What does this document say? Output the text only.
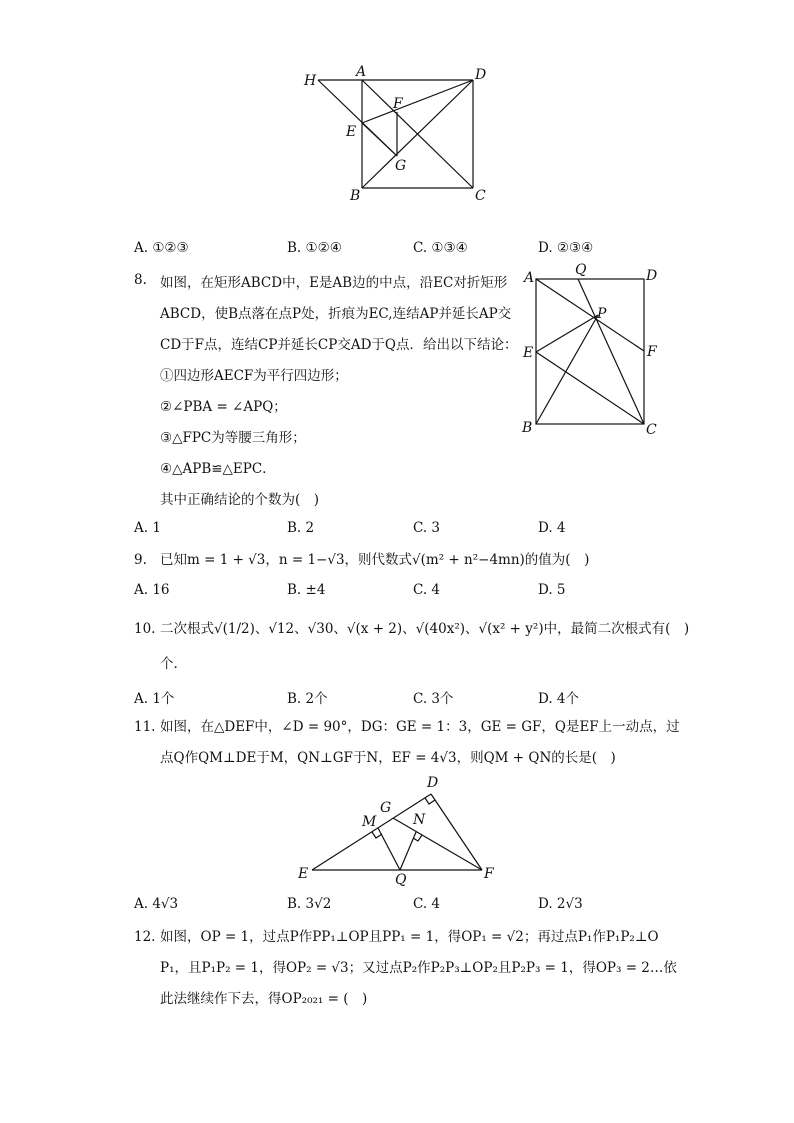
H
A	D
F
E
G
B	C
A. ①②③	B. ①②④	C. ①③④	D. ②③④
8. 如图，在矩形ABCD中，E是AB边的中点，沿EC对折矩形
ABCD，使B点落在点P处，折痕为EC,连结AP并延长AP交
CD于F点，连结CP并延长CP交AD于Q点．给出以下结论：
①四边形AECF为平行四边形；
②∠PBA = ∠APQ；
③△FPC为等腰三角形；
④△APB≌△EPC．
其中正确结论的个数为(　)
A	Q	D
P
E	F
B	C
A. 1	B. 2	C. 3	D. 4
9. 已知m = 1 + √3，n = 1−√3，则代数式√(m² + n²−4mn)的值为(　)
A. 16	B. ±4	C. 4	D. 5
10. 二次根式√(1/2)、√12、√30、√(x + 2)、√(40x²)、√(x² + y²)中，最简二次根式有(　)
个.
A. 1个	B. 2个	C. 3个	D. 4个
11. 如图，在△DEF中，∠D = 90°，DG：GE = 1：3，GE = GF，Q是EF上一动点，过
点Q作QM⊥DE于M，QN⊥GF于N，EF = 4√3，则QM + QN的长是(　)
D
G
M	N
E	Q	F
A. 4√3	B. 3√2	C. 4	D. 2√3
12. 如图，OP = 1，过点P作PP₁⊥OP且PP₁ = 1，得OP₁ = √2；再过点P₁作P₁P₂⊥O
P₁，且P₁P₂ = 1，得OP₂ = √3；又过点P₂作P₂P₃⊥OP₂且P₂P₃ = 1，得OP₃ = 2…依
此法继续作下去，得OP₂₀₂₁ = (　)
